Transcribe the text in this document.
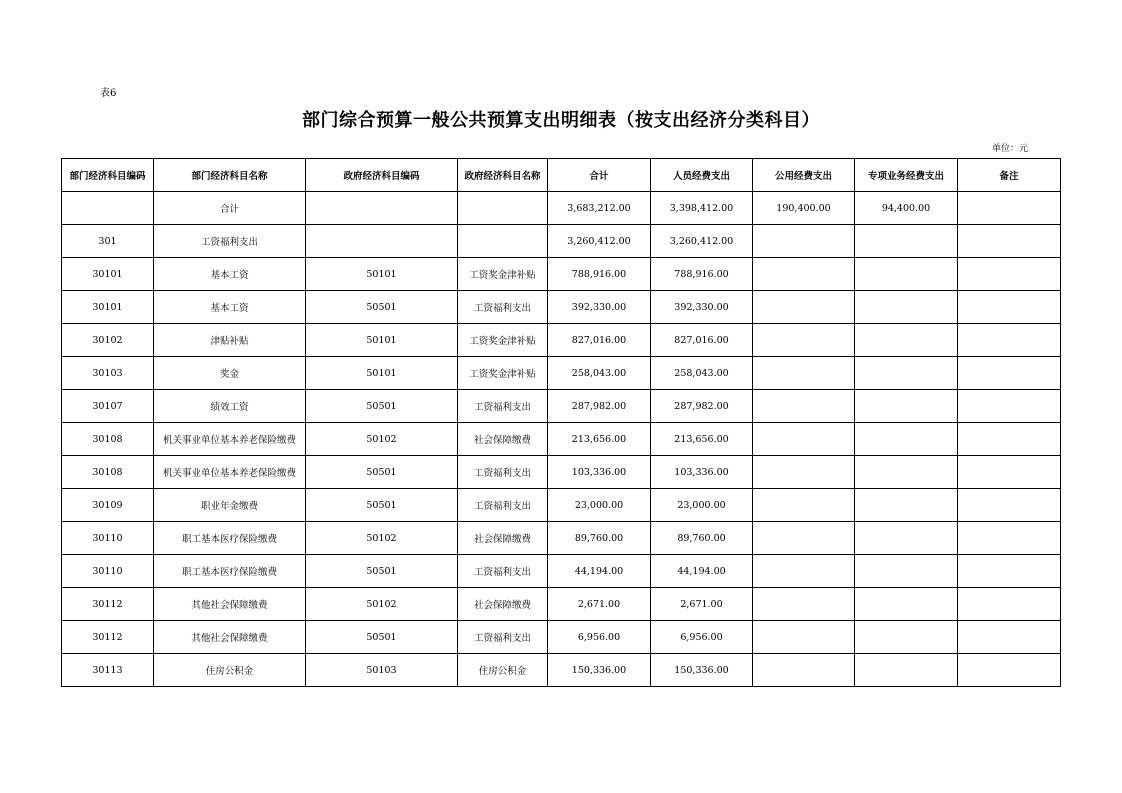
表6
部门综合预算一般公共预算支出明细表（按支出经济分类科目）
单位：元
部门经济科目编码	部门经济科目名称	政府经济科目编码	政府经济科目名称	合计	人员经费支出	公用经费支出	专项业务经费支出	备注
	合计			3,683,212.00	3,398,412.00	190,400.00	94,400.00	
301	工资福利支出			3,260,412.00	3,260,412.00			
30101	基本工资	50101	工资奖金津补贴	788,916.00	788,916.00			
30101	基本工资	50501	工资福利支出	392,330.00	392,330.00			
30102	津贴补贴	50101	工资奖金津补贴	827,016.00	827,016.00			
30103	奖金	50101	工资奖金津补贴	258,043.00	258,043.00			
30107	绩效工资	50501	工资福利支出	287,982.00	287,982.00			
30108	机关事业单位基本养老保险缴费	50102	社会保障缴费	213,656.00	213,656.00			
30108	机关事业单位基本养老保险缴费	50501	工资福利支出	103,336.00	103,336.00			
30109	职业年金缴费	50501	工资福利支出	23,000.00	23,000.00			
30110	职工基本医疗保险缴费	50102	社会保障缴费	89,760.00	89,760.00			
30110	职工基本医疗保险缴费	50501	工资福利支出	44,194.00	44,194.00			
30112	其他社会保障缴费	50102	社会保障缴费	2,671.00	2,671.00			
30112	其他社会保障缴费	50501	工资福利支出	6,956.00	6,956.00			
30113	住房公积金	50103	住房公积金	150,336.00	150,336.00			
